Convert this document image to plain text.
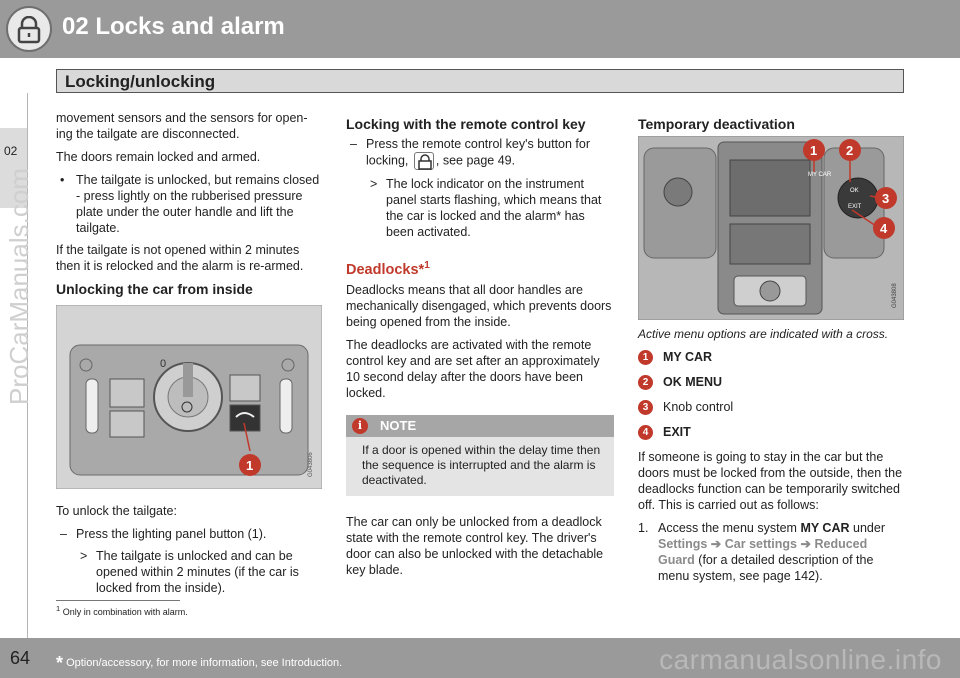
02 Locks and alarm
Locking/unlocking
02
ProCarManuals.com
movement sensors and the sensors for open-ing the tailgate are disconnected.
The doors remain locked and armed.
• The tailgate is unlocked, but remains closed - press lightly on the rubberised pressure plate under the outer handle and lift the tailgate.
If the tailgate is not opened within 2 minutes then it is relocked and the alarm is re-armed.
Unlocking the car from inside
0
1	G043806
To unlock the tailgate:
– Press the lighting panel button (1).
> The tailgate is unlocked and can be opened within 2 minutes (if the car is locked from the inside).
Locking with the remote control key
– Press the remote control key's button for
locking, , see page 49.
> The lock indicator on the instrument panel starts flashing, which means that the car is locked and the alarm* has been activated.
Deadlocks*$^1$
Deadlocks means that all door handles are mechanically disengaged, which prevents doors being opened from the inside.
The deadlocks are activated with the remote control key and are set after an approximately 10 second delay after the doors have been locked.
i	NOTE
If a door is opened within the delay time then the sequence is interrupted and the alarm is deactivated.
The car can only be unlocked from a deadlock state with the remote control key. The driver's door can also be unlocked with the detachable key blade.
Temporary deactivation
MY CAR
OK
EXIT
1 2
3
4
G043808
Active menu options are indicated with a cross.
1	MY CAR
2	OK MENU
3	Knob control
4	EXIT
If someone is going to stay in the car but the doors must be locked from the outside, then the deadlocks function can be temporarily switched off. This is carried out as follows:
1. Access the menu system MY CAR under
Settings ➔ Car settings ➔ Reduced Guard (for a detailed description of the menu system, see page 142).
$^1$ Only in combination with alarm.
64 * Option/accessory, for more information, see Introduction.	carmanualsonline.info
